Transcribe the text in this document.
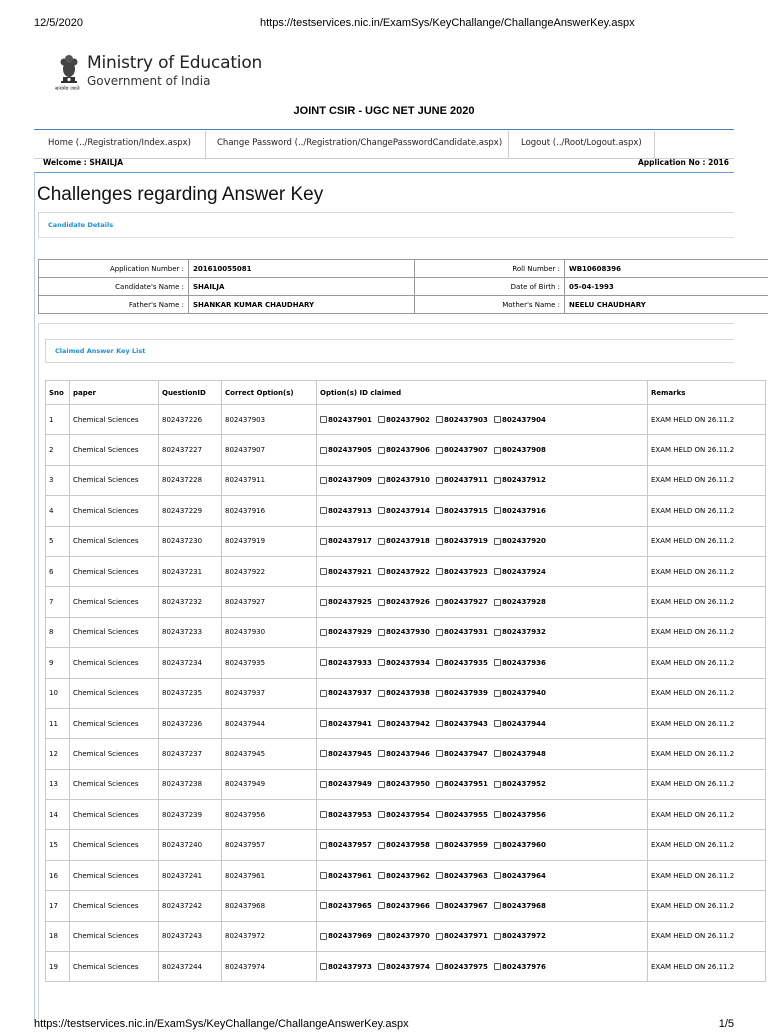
12/5/2020	https://testservices.nic.in/ExamSys/KeyChallange/ChallangeAnswerKey.aspx
Ministry of Education
Government of India
सत्यमेव जयते
JOINT CSIR - UGC NET JUNE 2020
Home (../Registration/Index.aspx)	Change Password (../Registration/ChangePasswordCandidate.aspx) Logout (../Root/Logout.aspx)
Welcome : SHAILJA	Application No : 2016
Challenges regarding Answer Key
Candidate Details
Application Number :	201610055081	Roll Number :	WB10608396
Candidate's Name :	SHAILJA	Date of Birth :	05-04-1993
Father's Name :	SHANKAR KUMAR CHAUDHARY	Mother's Name :	NEELU CHAUDHARY
Claimed Answer Key List
Sno	paper	QuestionID	Correct Option(s)	Option(s) ID claimed	Remarks
1	Chemical Sciences	802437226	802437903	802437901 802437902 802437903 802437904	EXAM HELD ON 26.11.2
2	Chemical Sciences	802437227	802437907	802437905 802437906 802437907 802437908	EXAM HELD ON 26.11.2
3	Chemical Sciences	802437228	802437911	802437909 802437910 802437911 802437912	EXAM HELD ON 26.11.2
4	Chemical Sciences	802437229	802437916	802437913 802437914 802437915 802437916	EXAM HELD ON 26.11.2
5	Chemical Sciences	802437230	802437919	802437917 802437918 802437919 802437920	EXAM HELD ON 26.11.2
6	Chemical Sciences	802437231	802437922	802437921 802437922 802437923 802437924	EXAM HELD ON 26.11.2
7	Chemical Sciences	802437232	802437927	802437925 802437926 802437927 802437928	EXAM HELD ON 26.11.2
8	Chemical Sciences	802437233	802437930	802437929 802437930 802437931 802437932	EXAM HELD ON 26.11.2
9	Chemical Sciences	802437234	802437935	802437933 802437934 802437935 802437936	EXAM HELD ON 26.11.2
10	Chemical Sciences	802437235	802437937	802437937 802437938 802437939 802437940	EXAM HELD ON 26.11.2
11	Chemical Sciences	802437236	802437944	802437941 802437942 802437943 802437944	EXAM HELD ON 26.11.2
12	Chemical Sciences	802437237	802437945	802437945 802437946 802437947 802437948	EXAM HELD ON 26.11.2
13	Chemical Sciences	802437238	802437949	802437949 802437950 802437951 802437952	EXAM HELD ON 26.11.2
14	Chemical Sciences	802437239	802437956	802437953 802437954 802437955 802437956	EXAM HELD ON 26.11.2
15	Chemical Sciences	802437240	802437957	802437957 802437958 802437959 802437960	EXAM HELD ON 26.11.2
16	Chemical Sciences	802437241	802437961	802437961 802437962 802437963 802437964	EXAM HELD ON 26.11.2
17	Chemical Sciences	802437242	802437968	802437965 802437966 802437967 802437968	EXAM HELD ON 26.11.2
18	Chemical Sciences	802437243	802437972	802437969 802437970 802437971 802437972	EXAM HELD ON 26.11.2
19	Chemical Sciences	802437244	802437974	802437973 802437974 802437975 802437976	EXAM HELD ON 26.11.2
https://testservices.nic.in/ExamSys/KeyChallange/ChallangeAnswerKey.aspx	1/5
